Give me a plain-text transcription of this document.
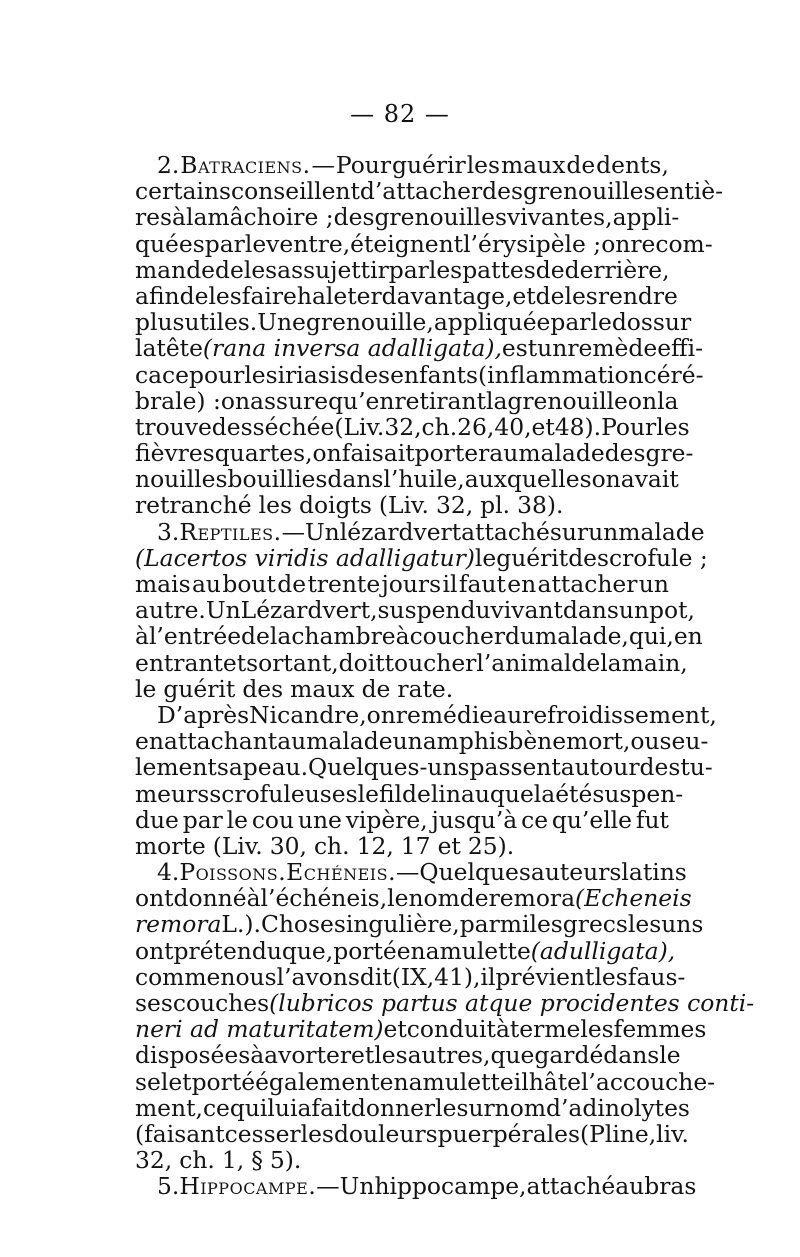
— 82 —
2. Batraciens. — Pour guérir les maux de dents,
certains conseillent d’attacher des grenouilles entiè-
res à la mâchoire ; des grenouilles vivantes, appli-
quées par le ventre, éteignent l’érysipèle ; on recom-
mande de les assujettir par les pattes de derrière,
afin de les faire haleter davantage, et de les rendre
plus utiles. Une grenouille, appliquée par le dos sur
la tête (rana inversa adalligata), est un remède effi-
cace pour le siriasis des enfants (inflammation céré-
brale) : on assure qu’en retirant la grenouille on la
trouve desséchée (Liv. 32, ch. 26, 40, et 48). Pour les
fièvres quartes, on faisait porter au malade des gre-
nouilles bouillies dans l’huile, auxquelles on avait
retranché les doigts (Liv. 32, pl. 38).
3. Reptiles. — Un lézard vert attaché sur un malade
(Lacertos viridis adalligatur) le guérit de scrofule ;
mais au bout de trente jours il faut en attacher un
autre. Un Lézard vert, suspendu vivant dans un pot,
à l’entrée de la chambre à coucher du malade, qui, en
entrant et sortant, doit toucher l’animal de la main,
le guérit des maux de rate.
D’après Nicandre, on remédie au refroidissement,
en attachant au malade un amphisbène mort, ou seu-
lement sa peau. Quelques-uns passent autour des tu-
meurs scrofuleuses le fil de lin auquel a été suspen-
due par le cou une vipère, jusqu’à ce qu’elle fut
morte (Liv. 30, ch. 12, 17 et 25).
4. Poissons. Echéneis. — Quelques auteurs latins
ont donné à l’échéneis, le nom de remora (Echeneis
remora L.). Chose singulière, parmi les grecs les uns
ont prétendu que, porté en amulette (adulligata),
comme nous l’avons dit (IX, 41), il prévient les faus-
ses couches (lubricos partus atque procidentes conti-
neri ad maturitatem) et conduit à terme les femmes
disposées à avorter et les autres, que gardé dans le
sel et porté également en amulette il hâte l’accouche-
ment, ce qui lui a fait donner le surnom d’adinolytes
(faisant cesser les douleurs puerpérales (Pline, liv.
32, ch. 1, § 5).
5. Hippocampe. — Un hippocampe, attaché au bras
